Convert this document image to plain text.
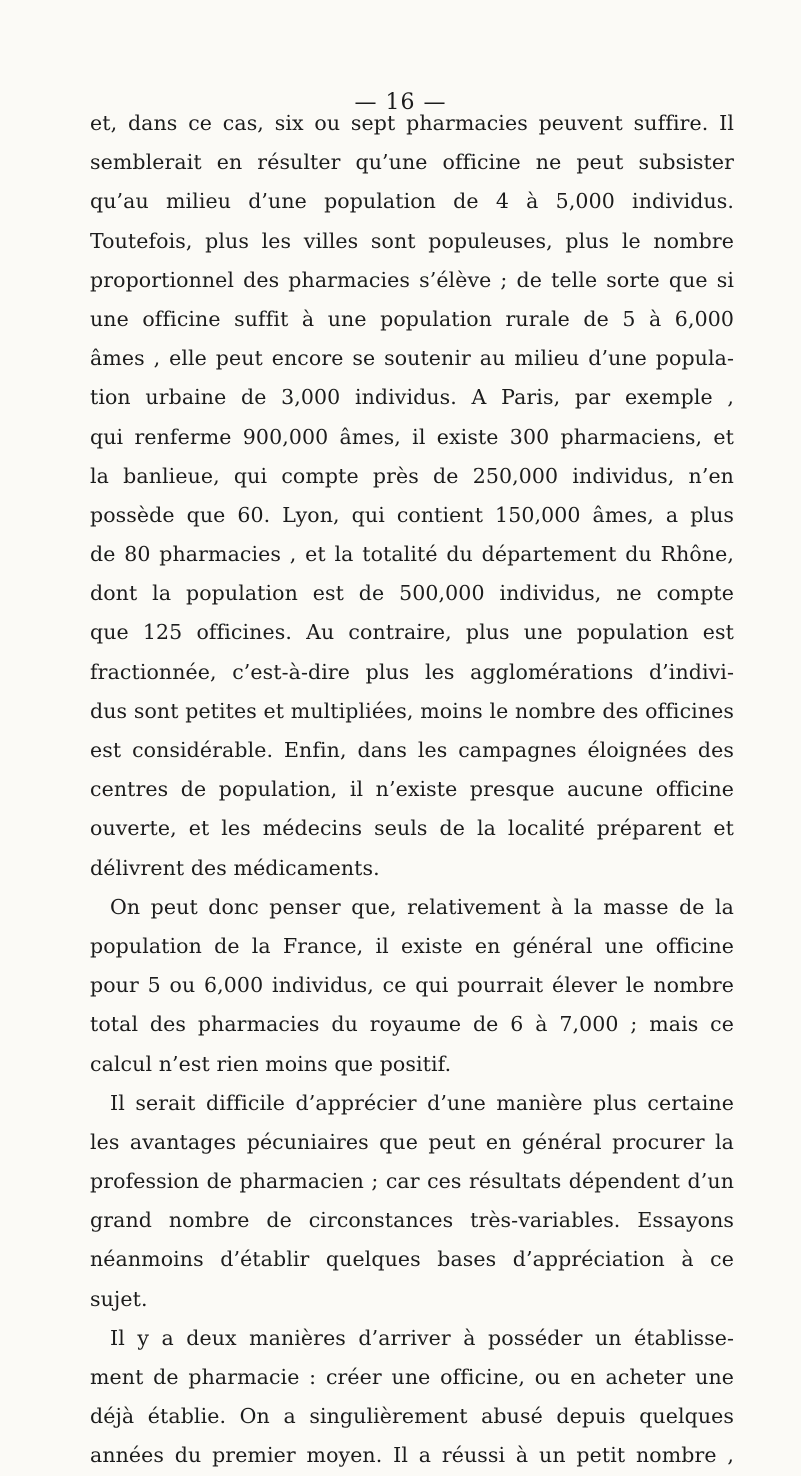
— 16 —
et, dans ce cas, six ou sept pharmacies peuvent suffire. Il
semblerait en résulter qu’une officine ne peut subsister
qu’au milieu d’une population de 4 à 5,000 individus.
Toutefois, plus les villes sont populeuses, plus le nombre
proportionnel des pharmacies s’élève ; de telle sorte que si
une officine suffit à une population rurale de 5 à 6,000
âmes , elle peut encore se soutenir au milieu d’une popula-
tion urbaine de 3,000 individus. A Paris, par exemple ,
qui renferme 900,000 âmes, il existe 300 pharmaciens, et
la banlieue, qui compte près de 250,000 individus, n’en
possède que 60. Lyon, qui contient 150,000 âmes, a plus
de 80 pharmacies , et la totalité du département du Rhône,
dont la population est de 500,000 individus, ne compte
que 125 officines. Au contraire, plus une population est
fractionnée, c’est-à-dire plus les agglomérations d’indivi-
dus sont petites et multipliées, moins le nombre des officines
est considérable. Enfin, dans les campagnes éloignées des
centres de population, il n’existe presque aucune officine
ouverte, et les médecins seuls de la localité préparent et
délivrent des médicaments.
On peut donc penser que, relativement à la masse de la
population de la France, il existe en général une officine
pour 5 ou 6,000 individus, ce qui pourrait élever le nombre
total des pharmacies du royaume de 6 à 7,000 ; mais ce
calcul n’est rien moins que positif.
Il serait difficile d’apprécier d’une manière plus certaine
les avantages pécuniaires que peut en général procurer la
profession de pharmacien ; car ces résultats dépendent d’un
grand nombre de circonstances très-variables. Essayons
néanmoins d’établir quelques bases d’appréciation à ce
sujet.
Il y a deux manières d’arriver à posséder un établisse-
ment de pharmacie : créer une officine, ou en acheter une
déjà établie. On a singulièrement abusé depuis quelques
années du premier moyen. Il a réussi à un petit nombre ,
